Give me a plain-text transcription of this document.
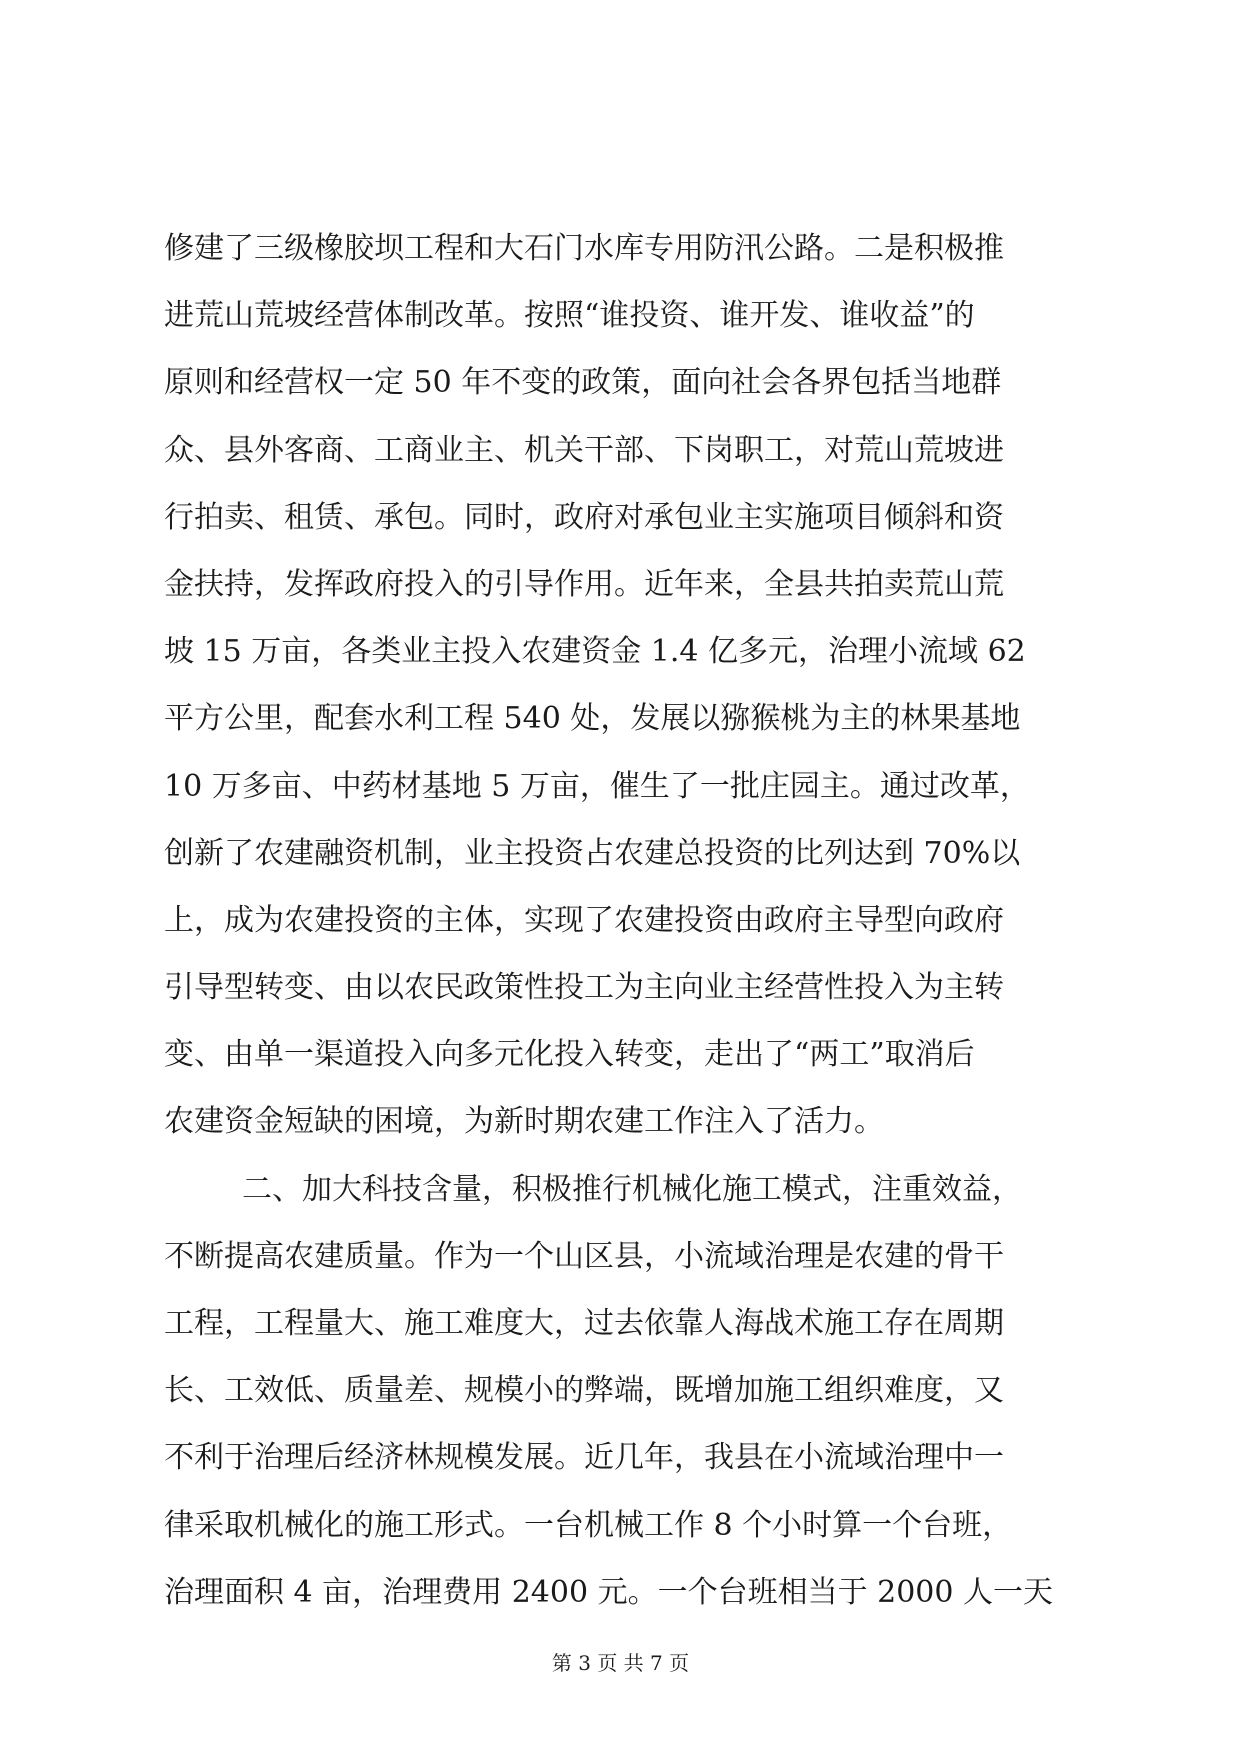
修建了三级橡胶坝工程和大石门水库专用防汛公路。二是积极推
进荒山荒坡经营体制改革。按照“谁投资、谁开发、谁收益”的
原则和经营权一定 50 年不变的政策，面向社会各界包括当地群
众、县外客商、工商业主、机关干部、下岗职工，对荒山荒坡进
行拍卖、租赁、承包。同时，政府对承包业主实施项目倾斜和资
金扶持，发挥政府投入的引导作用。近年来，全县共拍卖荒山荒
坡 15 万亩，各类业主投入农建资金 1.4 亿多元，治理小流域 62
平方公里，配套水利工程 540 处，发展以猕猴桃为主的林果基地
10 万多亩、中药材基地 5 万亩，催生了一批庄园主。通过改革，
创新了农建融资机制，业主投资占农建总投资的比列达到 70%以
上，成为农建投资的主体，实现了农建投资由政府主导型向政府
引导型转变、由以农民政策性投工为主向业主经营性投入为主转
变、由单一渠道投入向多元化投入转变，走出了“两工”取消后
农建资金短缺的困境，为新时期农建工作注入了活力。
二、加大科技含量，积极推行机械化施工模式，注重效益，
不断提高农建质量。作为一个山区县，小流域治理是农建的骨干
工程，工程量大、施工难度大，过去依靠人海战术施工存在周期
长、工效低、质量差、规模小的弊端，既增加施工组织难度，又
不利于治理后经济林规模发展。近几年，我县在小流域治理中一
律采取机械化的施工形式。一台机械工作 8 个小时算一个台班，
治理面积 4 亩，治理费用 2400 元。一个台班相当于 2000 人一天
第 3 页 共 7 页
